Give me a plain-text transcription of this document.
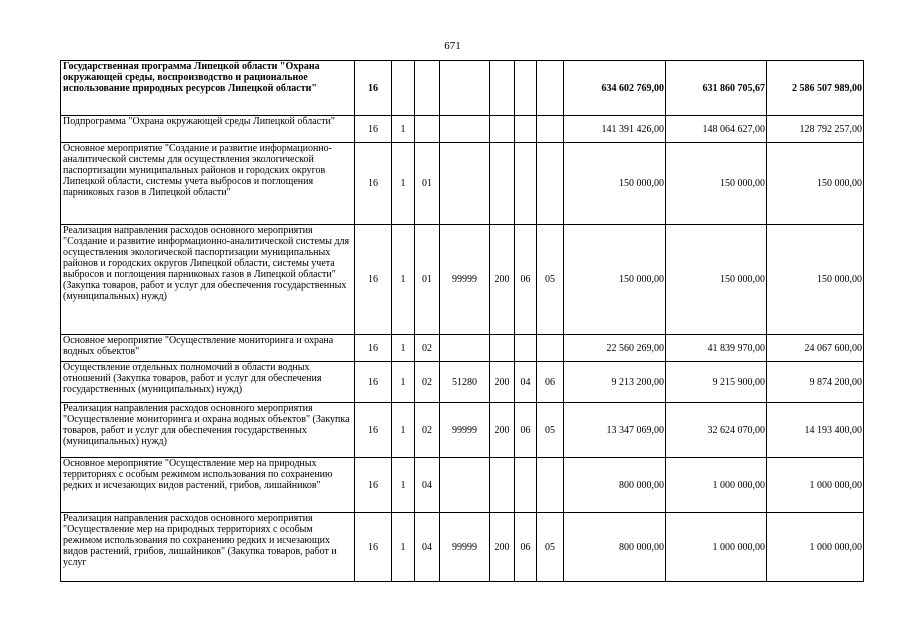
671
Государственная программа Липецкой области "Охрана окружающей среды, воспроизводство и рациональное использование природных ресурсов Липецкой области"	16							634 602 769,00	631 860 705,67	2 586 507 989,00
Подпрограмма "Охрана окружающей среды Липецкой области"	16	1						141 391 426,00	148 064 627,00	128 792 257,00
Основное мероприятие "Создание и развитие информационно-аналитической системы для осуществления экологической паспортизации муниципальных районов и городских округов Липецкой области, системы учета выбросов и поглощения парниковых газов в Липецкой области"	16	1	01					150 000,00	150 000,00	150 000,00
Реализация направления расходов основного мероприятия "Создание и развитие информационно-аналитической системы для осуществления экологической паспортизации муниципальных районов и городских округов Липецкой области, системы учета выбросов и поглощения парниковых газов в Липецкой области" (Закупка товаров, работ и услуг для обеспечения государственных (муниципальных) нужд)	16	1	01	99999	200	06	05	150 000,00	150 000,00	150 000,00
Основное мероприятие "Осуществление мониторинга и охрана водных объектов"	16	1	02					22 560 269,00	41 839 970,00	24 067 600,00
Осуществление отдельных полномочий в области водных отношений (Закупка товаров, работ и услуг для обеспечения государственных (муниципальных) нужд)	16	1	02	51280	200	04	06	9 213 200,00	9 215 900,00	9 874 200,00
Реализация направления расходов основного мероприятия "Осуществление мониторинга и охрана водных объектов" (Закупка товаров, работ и услуг для обеспечения государственных (муниципальных) нужд)	16	1	02	99999	200	06	05	13 347 069,00	32 624 070,00	14 193 400,00
Основное мероприятие "Осуществление мер на природных территориях с особым режимом использования по сохранению редких и исчезающих видов растений, грибов, лишайников"	16	1	04					800 000,00	1 000 000,00	1 000 000,00
Реализация направления расходов основного мероприятия "Осуществление мер на природных территориях с особым режимом использования по сохранению редких и исчезающих видов растений, грибов, лишайников" (Закупка товаров, работ и услуг	16	1	04	99999	200	06	05	800 000,00	1 000 000,00	1 000 000,00
